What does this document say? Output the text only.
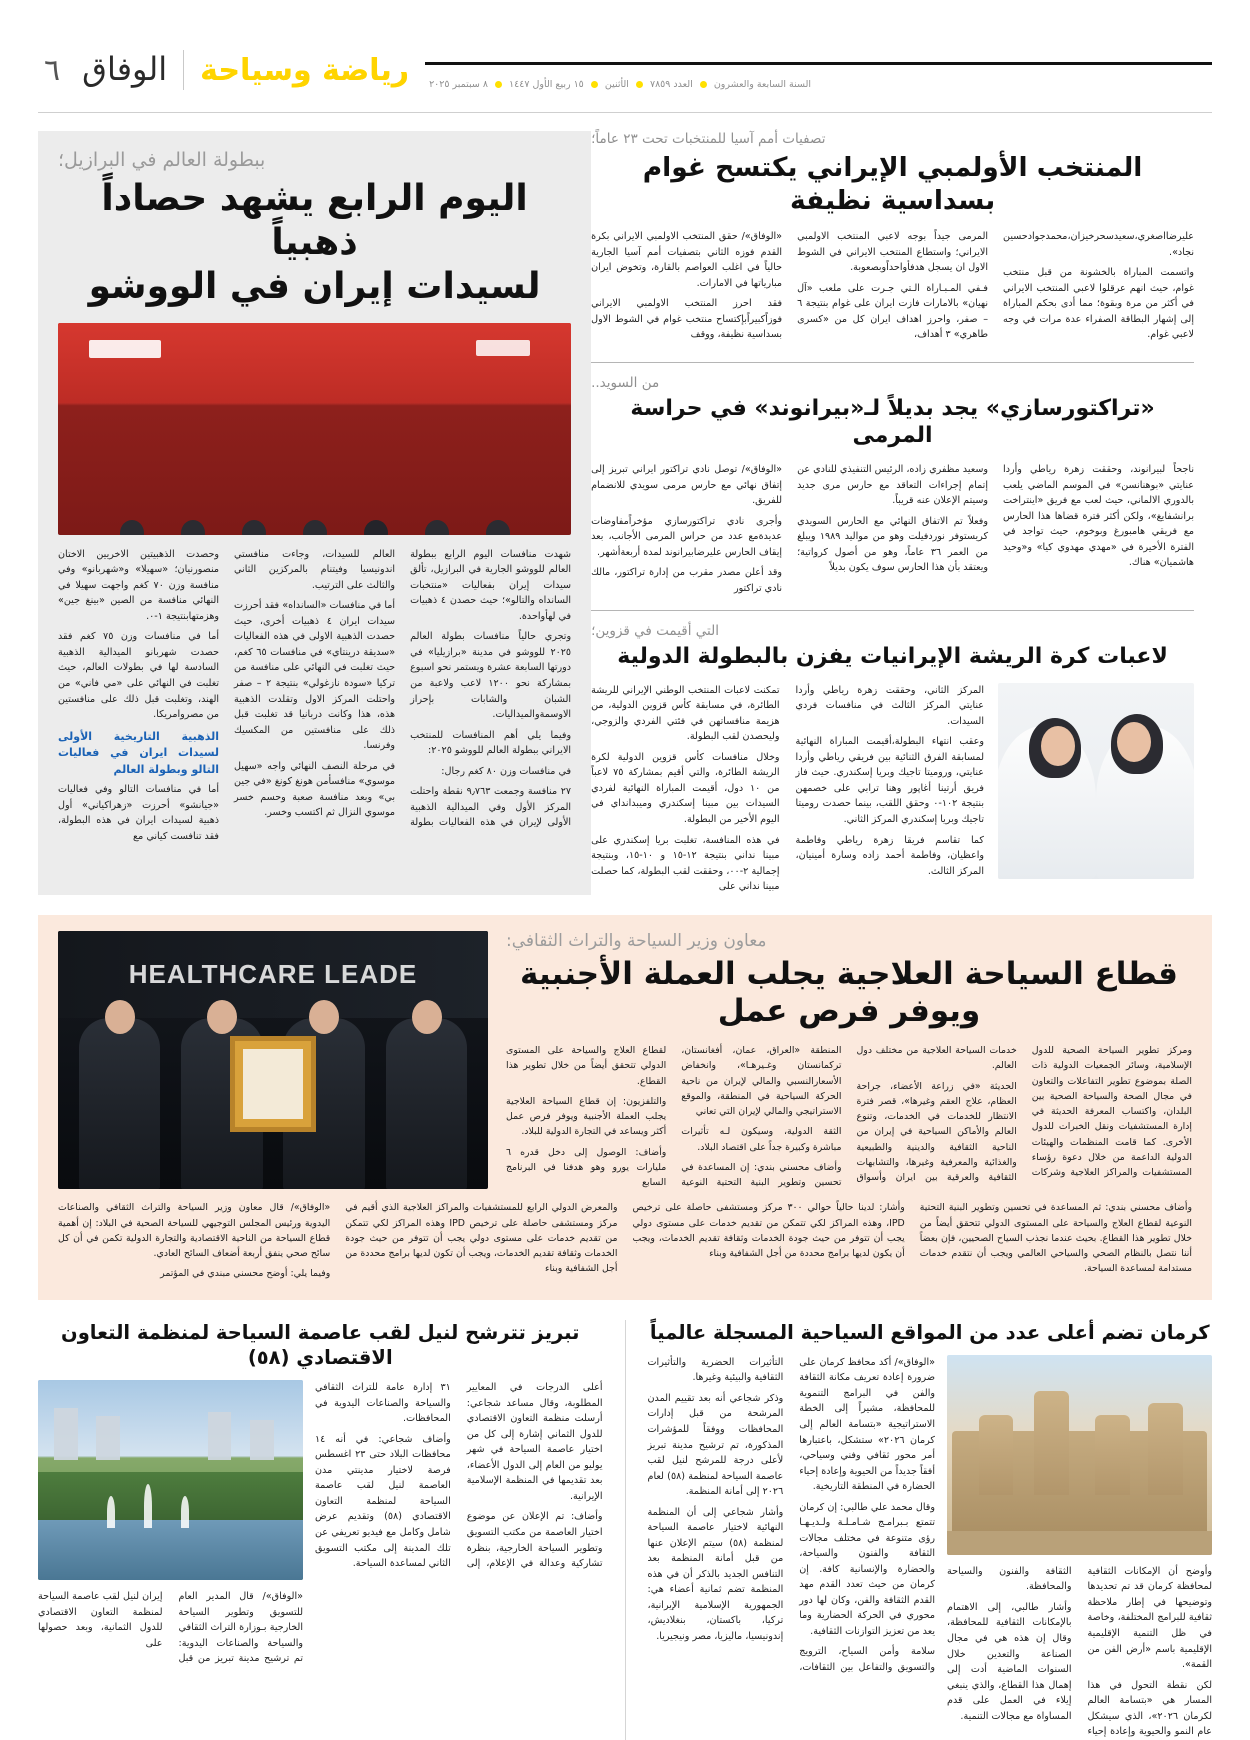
السنة السابعة والعشرون  العدد ٧٨٥٩  الأثنين  ١٥ ربيع الأول ١٤٤٧  ٨ سبتمبر ٢٠٢٥
رياضة وسياحة
الوفاق
٦
تصفيات أمم آسيا للمنتخبات تحت ٢٣ عاماً؛
المنتخب الأولمبي الإيراني يكتسح غوام بسداسية نظيفة

علیرضااصغري،سعیدسحرخیزان،محمدجوادحسین نجاد».

واتسمت المباراة بالخشونة من قبل منتخب غوام، حيث انهم عرقلوا لاعبي المنتخب الايراني في أكثر من مرة وبقوة؛ مما أدى بحكم المباراة إلى إشهار البطاقة الصفراء عدة مرات في وجه لاعبي غوام.

المرمى جيداً بوجه لاعبي المنتخب الاولمبي الايراني؛ واستطاع المنتخب الايراني في الشوط الاول ان يسجل هدفأواحداًوبصعوبة.

فـفي المـبـاراة الـتي جـرت على ملعب «آل نهيان» بالامارات فازت ايران على غوام بنتيجة ٦ – صفر، واحرز اهداف ايران كل من «كسرى طاهري» ٣ أهداف،

«الوفاق»/ حقق المنتخب الاولمبي الايراني بكرة القدم فوزه الثاني بتصفيات أمم آسيا الجارية حالياً في اغلب العواصم بالقارة، وتخوض ايران مبارياتها في الامارات.

فقد احرز المنتخب الاولمبي الايراني فوزاًكبيراًبإكتساح منتخب غوام في الشوط الاول بسداسية نظيفة، ووقف

من السويد..
«تراكتورسازي» يجد بديلاً لـ«بيرانوند» في حراسة المرمى

ناجحاً لبيرانوند، وحققت زهرة رياطي وأردا عنايتي «بوهنانسن» في الموسم الماضي يلعب بالدوري الالماني، حيث لعب مع فريق «اينتراخت برانشفايغ»، ولكن أكثر فترة قضاها هذا الحارس مع فريقي هامبورغ وبوخوم، حيث تواجد في الفترة الأخيرة في «مهدي مهدوي كيا» و«وحيد هاشميان» هناك.

وسعيد مظفري زاده، الرئيس التنفيذي للنادي عن إتمام إجراءات التعاقد مع حارس مرى جديد وسيتم الإعلان عنه قريباً.

وفعلاً تم الاتفاق النهائي مع الحارس السويدي كريستوفر نوردفيلت وهو من مواليد ١٩٨٩ ويبلغ من العمر ٣٦ عاماً، وهو من أصول كرواتية؛ ويعتقد بأن هذا الحارس سوف يكون بديلاً

«الوفاق»/ توصل نادي تراكتور ايراني تبريز إلى إتفاق نهائي مع حارس مرمى سويدي للانضمام للفريق.

وأجرى نادي تراكتورسازي مؤخراًمفاوضات عديدةمع عدد من حراس المرمى الأجانب، بعد إيقاف الحارس علیرضابیرانوند لمدة أربعةأشهر.

وقد أعلن مصدر مقرب من إدارة تراكتور، مالك نادي تراكتور

التي أقيمت في قزوين؛
لاعبات كرة الريشة الإيرانيات يفزن بالبطولة الدولية

المركز الثاني، وحققت زهرة رياطي وأردا عنايتي المركز الثالث في منافسات فردي السيدات.

وعقب انتهاء البطولة،أقيمت المباراة النهائية لمسابقة الفرق الثنائية بين فريقي رياطي وأردا عنايتي، وروميتا تاجيك وبريا إسكندري. حيث فاز فريق أرتينا أغاپور وهنا ترابي على خصمهن بنتيجة ١٠٢-٠ وحقق اللقب، بينما حصدت روميتا تاجيك وبريا إسكندري المركز الثاني.

كما تقاسم فريقا زهرة رياطي وفاطمة واعظيان، وفاطمة أحمد زاده وسارة أمينيان، المركز الثالث.

تمكنت لاعبات المنتخب الوطني الإيراني للريشة الطائرة، في مسابقة كأس قزوين الدولية، من هزيمة منافساتهن في فئتي الفردي والزوجي، وليحصدن لقب البطولة.

وخلال منافسات كأس قزوين الدولية لكرة الريشة الطائرة، والتي أقيم بمشاركة ٧٥ لاعباً من ١٠ دول، أقيمت المباراة النهائية لفردي السيدات بين مبينا إسكندري وميبدانداي في اليوم الأخير من البطولة.

في هذه المنافسة، تغلبت بريا إسكندري على مبينا نداني بنتيجة ١٢-١٥ و ١٠-١٥، وبنتيجة إجمالية ٢-٠٠، وحققت لقب البطولة، كما حصلت مبينا نداني على

ببطولة العالم في البرازيل؛
اليوم الرابع يشهد حصاداً ذهبياً
لسيدات إيران في الووشو

شهدت منافسات اليوم الرابع ببطولة العالم للووشو الجارية في البرازيل، تألق سيدات إيران بفعاليات «منتخبات السانداه والتالو»؛ حيث حصدن ٤ ذهبيات في لهأواحدة.

وتجري حالياً منافسات بطولة العالم ٢٠٢٥ للووشو في مدينة «برازيليا» في دورتها السابعة عشرة ويستمر نحو اسبوع بمشاركة نحو ١٢٠٠ لاعب ولاعبة من الشبان والشابات بإحراز الاوسمةوالميداليات.

وفيما يلي أهم المنافسات للمنتخب الايراني ببطولة العالم للووشو ٢٠٢٥:

في منافسات وزن ٨٠ كغم رجال:

٢٧ منافسة وجمعت ٩٫٧٦٣ نقطة واحتلت المركز الأول وفي الميدالية الذهبية الأولى لإيران في هذه الفعاليات بطولة العالم للسيدات، وجاءت منافستي اندونيسيا وفيتنام بالمركزين الثاني والثالث على الترتيب.

أما في منافسات «السانداه» فقد أحرزت سيدات ايران ٤ ذهبيات أخرى، حيث حصدت الذهبية الاولى في هذه الفعاليات «سديقة درينتاي» في منافسات ٦٥ كغم، حيث تغلبت في النهائي على منافسة من تركيا «سودة نازغولي» بنتيجة ٢ – صفر واحتلت المركز الاول وتقلدت الذهبية هذه، هذا وكانت دربانيا قد تغلبت قبل ذلك على منافستين من المكسيك وفرنسا.

في مرحلة النصف النهائي واجه «سهيل موسوي» منافسأمن هونغ كونغ «في جين بي» وبعد منافسة صعبة وحسم خسر موسوي النزال ثم اكتسب وخسر.

وحصدت الذهبيتين الاخريين الاختان منصورنيان؛ «سهيلا» و«شهربانو» وفي منافسة وزن ٧٠ كغم واجهت سهيلا في النهائي منافسة من الصين «بينغ جين» وهزمتهابنتيجة ١-٠.

أما في منافسات وزن ٧٥ كغم فقد حصدت شهربانو الميدالية الذهبية السادسة لها في بطولات العالم، حيث تغلبت في النهائي على «مي فاني» من الهند، وتغلبت قبل ذلك على منافستين من مصروامريكا.

الذهبية التاريخية الأولى لسيدات ايران في فعاليات التالو وبطولة العالم

أما في منافسات التالو وفي فعاليات «جيانشو» أحرزت «زهراكياني» أول ذهبية لسيدات ايران في هذه البطولة، فقد تنافست كياني مع

معاون وزير السياحة والتراث الثقافي:
قطاع السياحة العلاجية يجلب العملة الأجنبية ويوفر فرص عمل

ومركز تطوير السياحة الصحية للدول الإسلامية، وسائر الجمعيات الدولية ذات الصلة بموضوع تطوير التفاعلات والتعاون في مجال الصحة والسياحة الصحية بين البلدان، واكتساب المعرفة الحديثة في إدارة المستشفيات ونقل الخبرات للدول الأخرى. كما قامت المنظمات والهيئات الدولية الداعمة من خلال دعوة رؤساء المستشفيات والمراكز العلاجية وشركات خدمات السياحة العلاجية من مختلف دول العالم.

الحديثة «في زراعة الأعضاء، جراحة العظام، علاج العقم وغيرها»، قصر فترة الانتظار للخدمات في الخدمات، وتنوع العالم والأماكن السياحية في إيران من الناحية الثقافية والدينية والطبيعية والغذائية والمعرفية وغيرها، والتشابهات الثقافية والعرقية بين ايران وأسواق المنطقة «العراق، عمان، أفغانستان، تركمانستان وغـيرهـا»، وانخفاض الأسعارالنسبي والمالي لإيران من ناحية الحركة السياحية في المنطقة، والموقع الاستراتيجي والمالي لإيران التي تعاني

الثقة الدولية، وسيكون لـه تأثيرات مباشرة وكبيرة جداً على اقتصاد البلاد.

وأضاف محسني بندي: إن المساعدة في تحسين وتطوير البنية التحتية النوعية لقطاع العلاج والسياحة على المستوى الدولي تتحقق أيضاً من خلال تطوير هذا القطاع.

والتلفزيون: إن قطاع السياحة العلاجية يجلب العملة الأجنبية ويوفر فرص عمل أكثر ويساعد في التجارة الدولية للبلاد.

وأضاف: الوصول إلى دخل قدره ٦ مليارات يورو وهو هدفنا في البرنامج السابع

HEALTHCARE LEADE

وأضاف محسني بندي: ثم المساعدة في تحسين وتطوير البنية التحتية النوعية لقطاع العلاج والسياحة على المستوى الدولي تتحقق أيضاً من خلال تطوير هذا القطاع. بحيث عندما نجذب السياح الصحيين، فإن بعضاً أننا نتصل بالنظام الصحي والسياحي العالمي ويجب أن نتقدم خدمات مستدامة لمساعدة السياحة.

وأشار: لدينا حالياً حوالي ٣٠٠ مركز ومستشفى حاصلة على ترخيص IPD، وهذه المراكز لكي تتمكن من تقديم خدمات على مستوى دولي يجب أن تتوفر من حيث جودة الخدمات وثقافة تقديم الخدمات، ويجب أن يكون لديها برامج محددة من أجل الشفافية وبناء

والمعرض الدولي الرابع للمستشفيات والمراكز العلاجية الذي أقيم في مركز ومستشفى حاصلة على ترخيص IPD وهذه المراكز لكي تتمكن من تقديم خدمات على مستوى دولي يجب أن تتوفر من حيث جودة الخدمات وثقافة تقديم الخدمات، ويجب أن تكون لديها برامج محددة من أجل الشفافية وبناء

«الوفاق»/ قال معاون وزير السياحة والتراث الثقافي والصناعات اليدوية ورئيس المجلس التوجيهي للسياحة الصحية في البلاد: إن أهمية قطاع السياحة من الناحية الاقتصادية والتجارة الدولية تكمن في أن كل سائح صحي ينفق أربعة أضعاف السائح العادي.

وفيما يلي: أوضح محسني مبندي في المؤتمر

كرمان تضم أعلى عدد من المواقع السياحية المسجلة عالمياً

وأوضح أن الإمكانات الثقافية لمحافظة كرمان قد تم تحديدها وتوضيحها في إطار ملاحظة ثقافية للبرامج المختلفة، وخاصة في ظل التنمية الإقليمية الإقليمية باسم «أرض الفن من القمة».

لكن نقطة التحول في هذا المسار هي «بتسامة العالم لكرمان ٢٠٢٦»، الذي سيشكل عام النمو والحيوية وإعادة إحياء الثقافة والفنون والسياحة والمحافظة.

وأشار طالبي، إلى الاهتمام بالإمكانات الثقافية للمحافظة، وقال إن هذه هي في مجال الصناعة والتعدين خلال السنوات الماضية أدت إلى إهمال هذا القطاع، والذي ينبغي إيلاء في العمل على قدم المساواة مع مجالات التنمية.

«الوفاق»/ أكد محافظ كرمان على ضرورة إعادة تعريف مكانة الثقافة والفن في البرامج التنموية للمحافظة، مشيراً إلى الخطة الاستراتيجية «بتسامة العالم إلى كرمان ٢٠٢٦» ستشكل، باعتبارها أمر محور ثقافي وفني وسياحي، أفقاً جديداً من الحيوية وإعادة إحياء الحضارة في المنطقة التاريخية.

وقال محمد علي طالبي: إن كرمان تتمتع بـبرامـج شـامـلـة ولـديـهـا رؤى متنوعة في مختلف مجالات الثقافة والفنون والسياحة، والحضارة والإنسانية كافة. إن كرمان من حيث تعدد القدم مهد القدم الثقافة والفن، وكان لها دور محوري في الحركة الحضارية وما يعد من تعزيز التوازنات الثقافية.

سلامة وأمن السياح، الترويج والتسويق والتفاعل بين الثقافات، التأثيرات الحضرية والتأثيرات الثقافية والبيئية وغيرها.

وذكر شجاعي أنه بعد تقييم المدن المرشحة من قبل إدارات المحافظات ووفقاً للمؤشرات المذكورة، تم ترشيح مدينة تبريز لأعلى درجة للمرشح لنيل لقب عاصمة السياحة لمنظمة (٥٨) لعام ٢٠٢٦ إلى أمانة المنظمة.

وأشار شجاعي إلى أن المنظمة النهائية لاختيار عاصمة السياحة لمنظمة (٥٨) سيتم الإعلان عنها من قبل أمانة المنظمة بعد التنافس الجديد بالذكر أن في هذه المنظمة تضم ثمانية أعضاء هي: الجمهورية الإسلامية الإيرانية، تركيا، باكستان، بنغلاديش، إندونيسيا، ماليزيا، مصر ونيجيريا.

تبريز تترشح لنيل لقب عاصمة السياحة لمنظمة التعاون الاقتصادي (٥٨)

أعلى الدرجات في المعايير المطلوبة، وقال مساعد شجاعي: أرسلت منظمة التعاون الاقتصادي للدول الثماني إشارة إلى كل من اختيار عاصمة السياحة في شهر يوليو من العام إلى الدول الأعضاء، بعد تقديمها في المنظمة الإسلامية الإيرانية.

وأضاف: تم الإعلان عن موضوع اختيار العاصمة من مكتب التسويق وتطوير السياحة الخارجية، بنظرة تشاركية وعدالة في الإعلام، إلى ٣١ إدارة عامة للتراث الثقافي والسياحة والصناعات اليدوية في المحافظات.

وأضاف شجاعي: في أنه ١٤ محافظات البلاد حتى ٢٣ اغسطس فرصة لاختيار مدينتي مدن العاصمة لنيل لقب عاصمة السياحة لمنظمة التعاون الاقتصادي (٥٨) وتقديم عرض شامل وكامل مع فيديو تعريفي عن تلك المدينة إلى مكتب التسويق الثاني لمساعدة السياحة.

«الوفاق»/ قال المدير العام للتسويق وتطوير السياحة الخارجية بـوزارة التراث الثقافي والسياحة والصناعات اليدوية: تم ترشيح مدينة تبريز من قبل إيران لنيل لقب عاصمة السياحة لمنظمة التعاون الاقتصادي للدول الثمانية، وبعد حصولها على
